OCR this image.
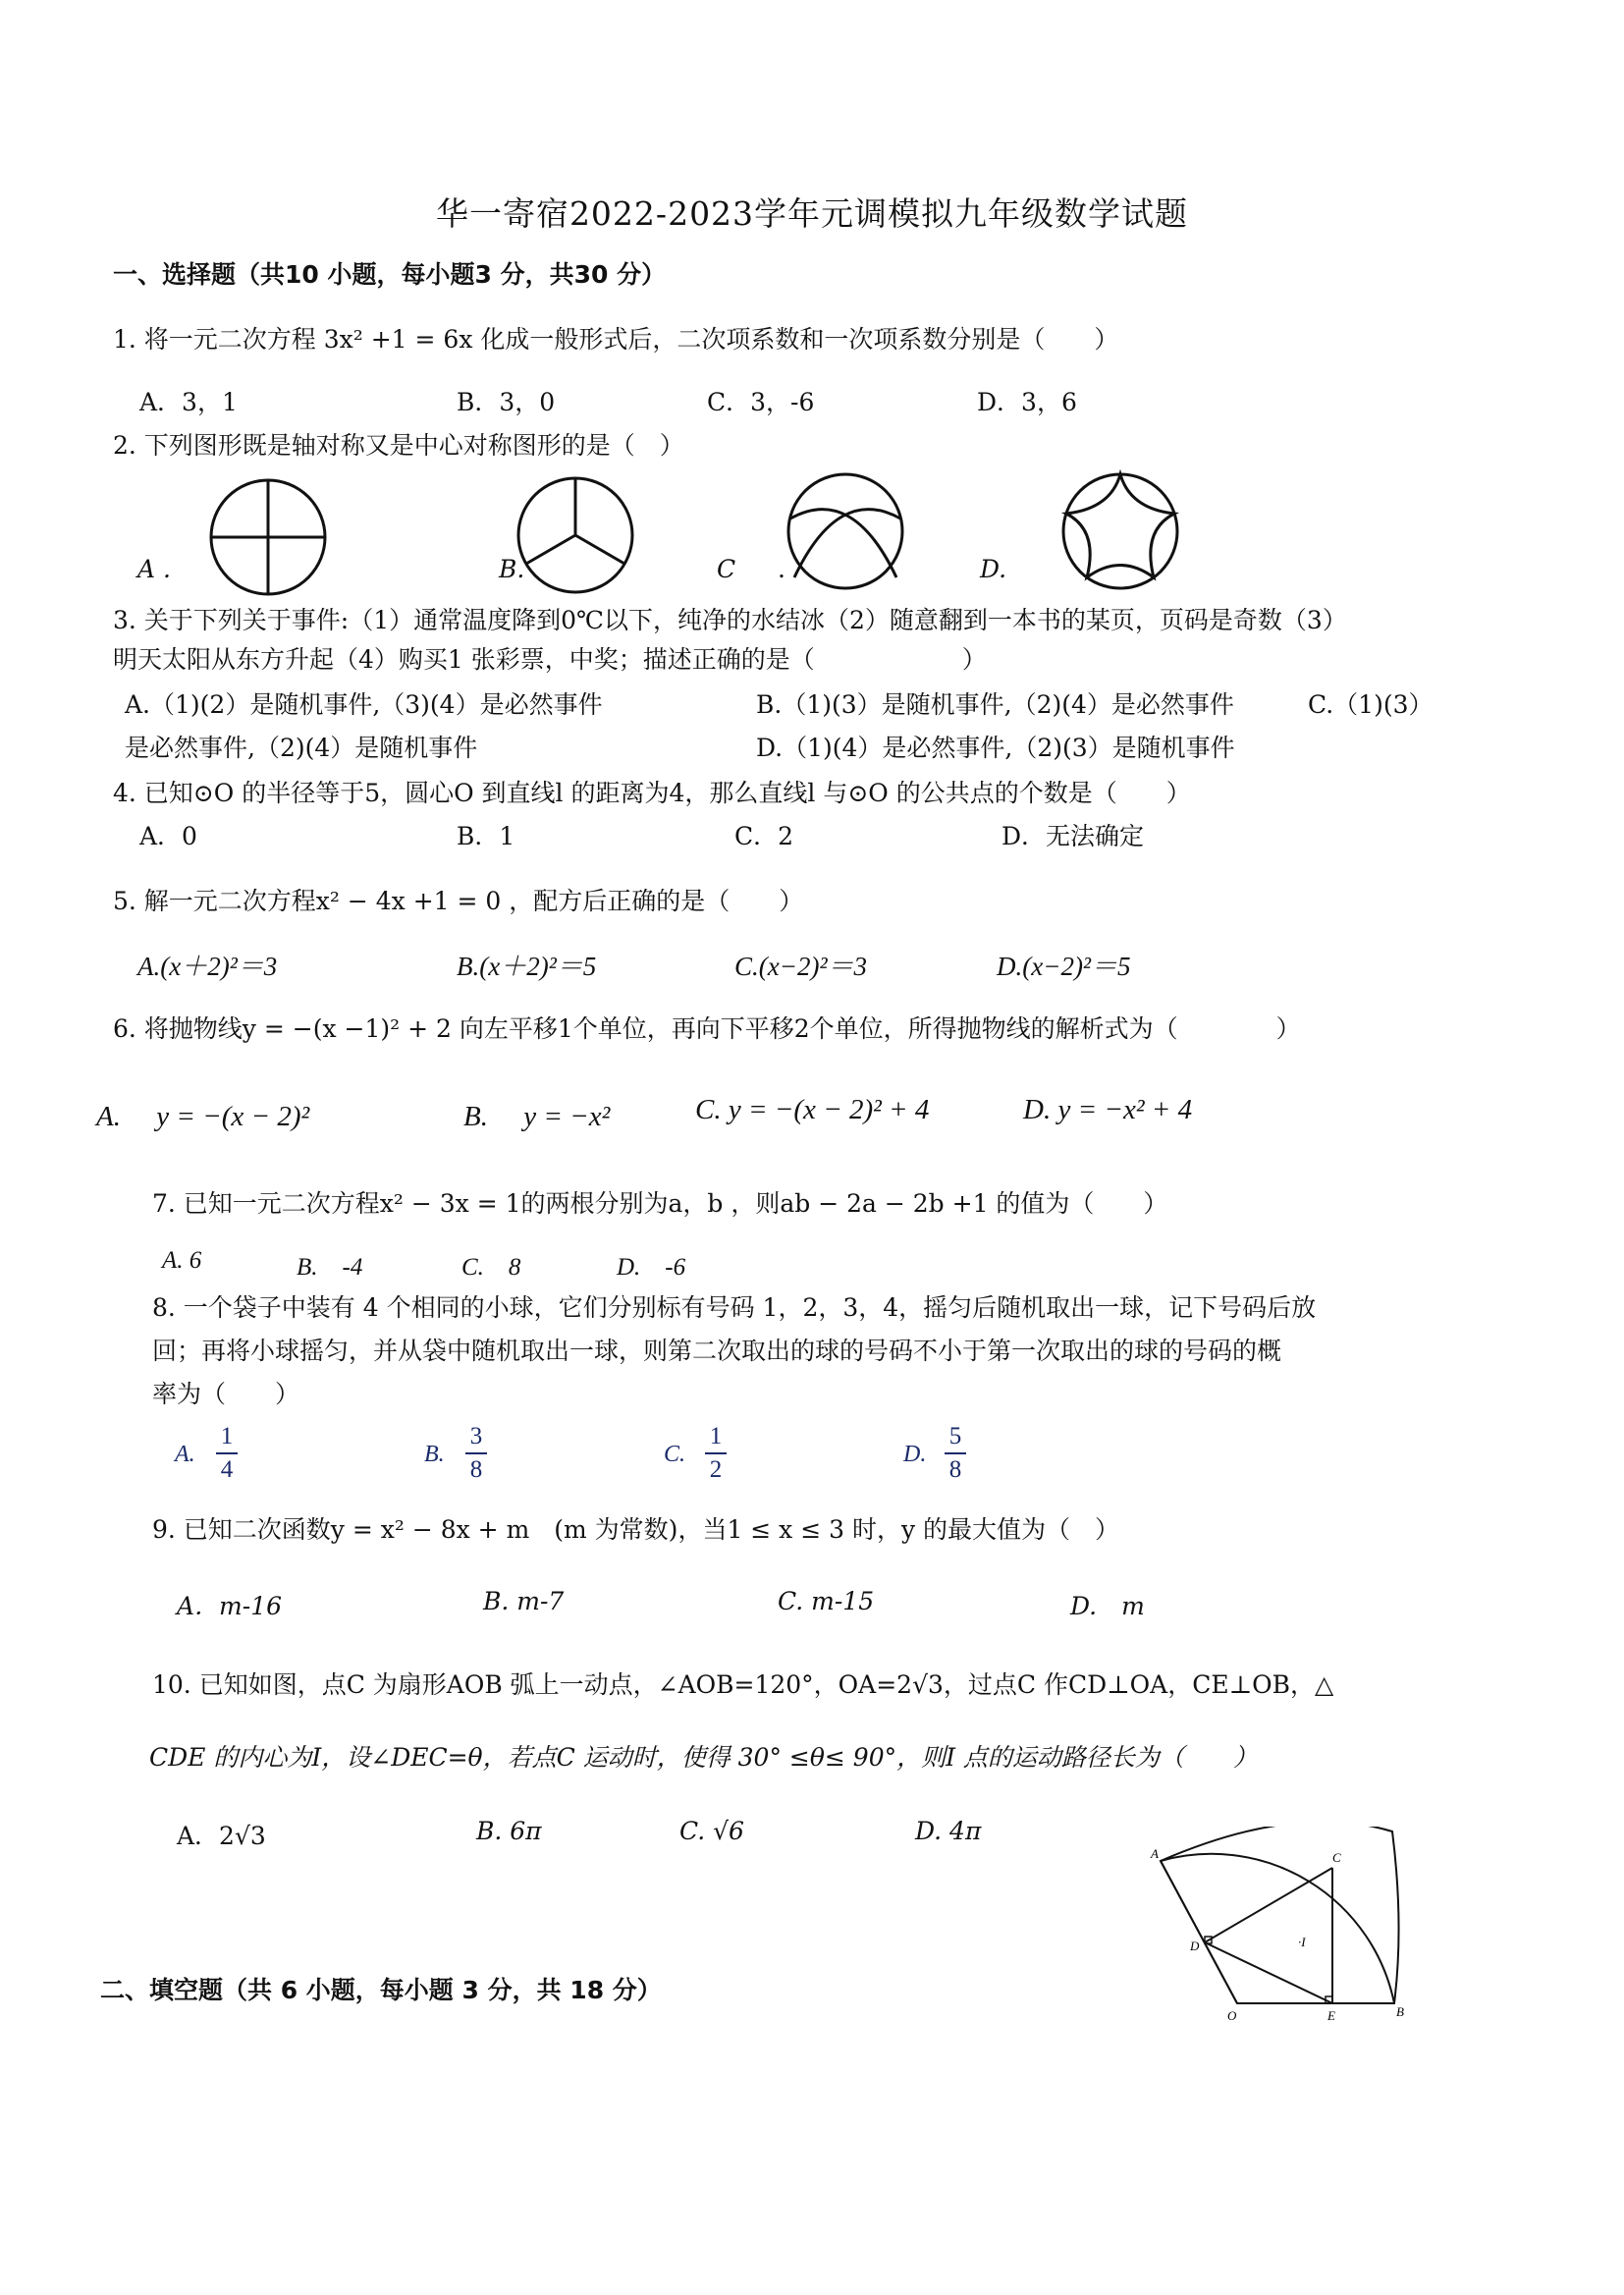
华一寄宿2022-2023学年元调模拟九年级数学试题
一、选择题（共10 小题，每小题3 分，共30 分）
1. 将一元二次方程 3x² +1 = 6x 化成一般形式后，二次项系数和一次项系数分别是（　　）
A．3，1	B．3，0	C．3，-6	D．3，6
2. 下列图形既是轴对称又是中心对称图形的是（　）
A .	B.	C .	D.
3. 关于下列关于事件:（1）通常温度降到0℃以下，纯净的水结冰（2）随意翻到一本书的某页，页码是奇数（3）
明天太阳从东方升起（4）购买1 张彩票，中奖；描述正确的是（　　　　　　）
A.（1)(2）是随机事件,（3)(4）是必然事件	B.（1)(3）是随机事件,（2)(4）是必然事件	C.（1)(3）
是必然事件,（2)(4）是随机事件	D.（1)(4）是必然事件,（2)(3）是随机事件
4. 已知⊙O 的半径等于5，圆心O 到直线l 的距离为4，那么直线l 与⊙O 的公共点的个数是（　　）
A．0	B．1	C．2	D．无法确定
5. 解一元二次方程x² − 4x +1 = 0 ，配方后正确的是（　　）
A.(x＋2)²＝3	B.(x＋2)²＝5	C.(x−2)²＝3	D.(x−2)²＝5
6. 将抛物线y = −(x −1)² + 2 向左平移1个单位，再向下平移2个单位，所得抛物线的解析式为（　　　　）
A.　 y = −(x − 2)²	B.　 y = −x²	C. y = −(x − 2)² + 4	D. y = −x² + 4
7. 已知一元二次方程x² − 3x = 1的两根分别为a，b ，则ab − 2a − 2b +1 的值为（　　）
A. 6	B.　-4	C.　8	D.　-6
8. 一个袋子中装有 4 个相同的小球，它们分别标有号码 1，2，3，4，摇匀后随机取出一球，记下号码后放
回；再将小球摇匀，并从袋中随机取出一球，则第二次取出的球的号码不小于第一次取出的球的号码的概
率为（　　）
A.
1
4
B.
3
8
C.
1
2
D.
5
8
9. 已知二次函数y = x² − 8x + m　(m 为常数)，当1 ≤ x ≤ 3 时，y 的最大值为（　）
A．m-16	B. m-7	C. m-15	D.　m
10. 已知如图，点C 为扇形AOB 弧上一动点，∠AOB=120°，OA=2√3，过点C 作CD⊥OA，CE⊥OB，△
CDE 的内心为I，设∠DEC=θ，若点C 运动时，使得 30° ≤θ≤ 90°，则I 点的运动路径长为（　　）
A．2√3	B. 6π	C. √6	D. 4π
A	C
·I
D
O	E	B
二、填空题（共 6 小题，每小题 3 分，共 18 分）
